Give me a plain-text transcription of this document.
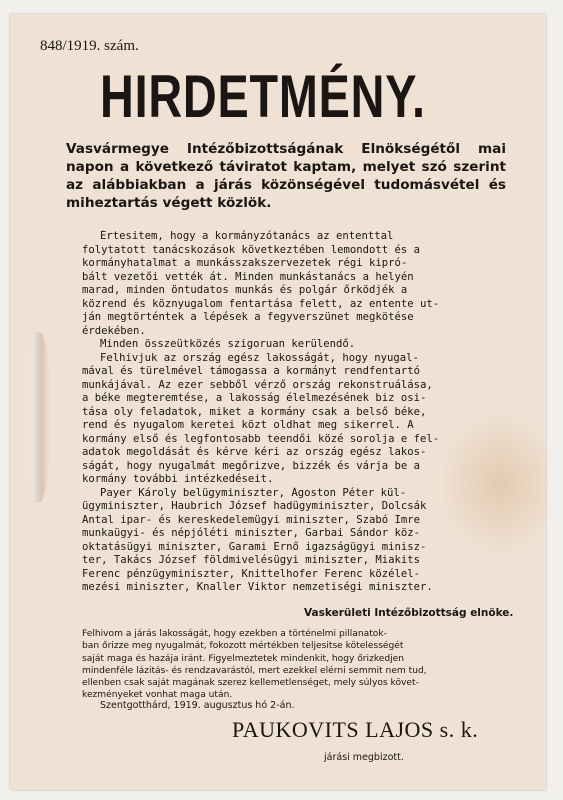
848/1919. szám.
HIRDETMÉNY.
Vasvármegye Intézőbizottságának Elnökségétől mai napon a következő táviratot kaptam, melyet szó szerint az alábbiakban a járás közönségével tudomásvétel és miheztartás végett közlök.
Értesitem, hogy a kormányzótanács az ententtal
folytatott tanácskozások következtében lemondott és a
kormányhatalmat a munkásszakszervezetek régi kipró-
bált vezetői vették át. Minden munkástanács a helyén
marad, minden öntudatos munkás és polgár őrködjék a
közrend és köznyugalom fentartása felett, az entente ut-
ján megtörténtek a lépések a fegyverszünet megkötése
érdekében.
Minden összeütközés szigoruan kerülendő.
Felhivjuk az ország egész lakosságát, hogy nyugal-
mával és türelmével támogassa a kormányt rendfentartó
munkájával. Az ezer sebből vérző ország rekonstruálása,
a béke megteremtése, a lakosság élelmezésének biz osi-
tása oly feladatok, miket a kormány csak a belső béke,
rend és nyugalom keretei közt oldhat meg sikerrel. A
kormány első és legfontosabb teendői közé sorolja e fel-
adatok megoldását és kérve kéri az ország egész lakos-
ságát, hogy nyugalmát megőrizve, bizzék és várja be a
kormány további intézkedéseit.
Payer Károly belügyminiszter, Ágoston Péter kül-
ügyminiszter, Haubrich József hadügyminiszter, Dolcsák
Antal ipar- és kereskedelemügyi miniszter, Szabó Imre
munkaügyi- és népjóléti miniszter, Garbai Sándor köz-
oktatásügyi miniszter, Garami Ernő igazságügyi minisz-
ter, Takács József földmivelésügyi miniszter, Miakits
Ferenc pénzügyminiszter, Knittelhofer Ferenc közélel-
mezési miniszter, Knaller Viktor nemzetiségi miniszter.
Vaskerületi Intézőbizottság elnöke.
Felhivom a járás lakosságát, hogy ezekben a történelmi pillanatok-
ban őrizze meg nyugalmát, fokozott mértékben teljesitse kötelességét
saját maga és hazája iránt. Figyelmeztetek mindenkit, hogy őrizkedjen
mindenféle lázitás- és rendzavarástól, mert ezekkel elérni semmit nem tud,
ellenben csak saját magának szerez kellemetlenséget, mely súlyos követ-
kezményeket vonhat maga után.
Szentgotthárd, 1919. augusztus hó 2-án.
PAUKOVITS LAJOS s. k.
járási megbizott.
